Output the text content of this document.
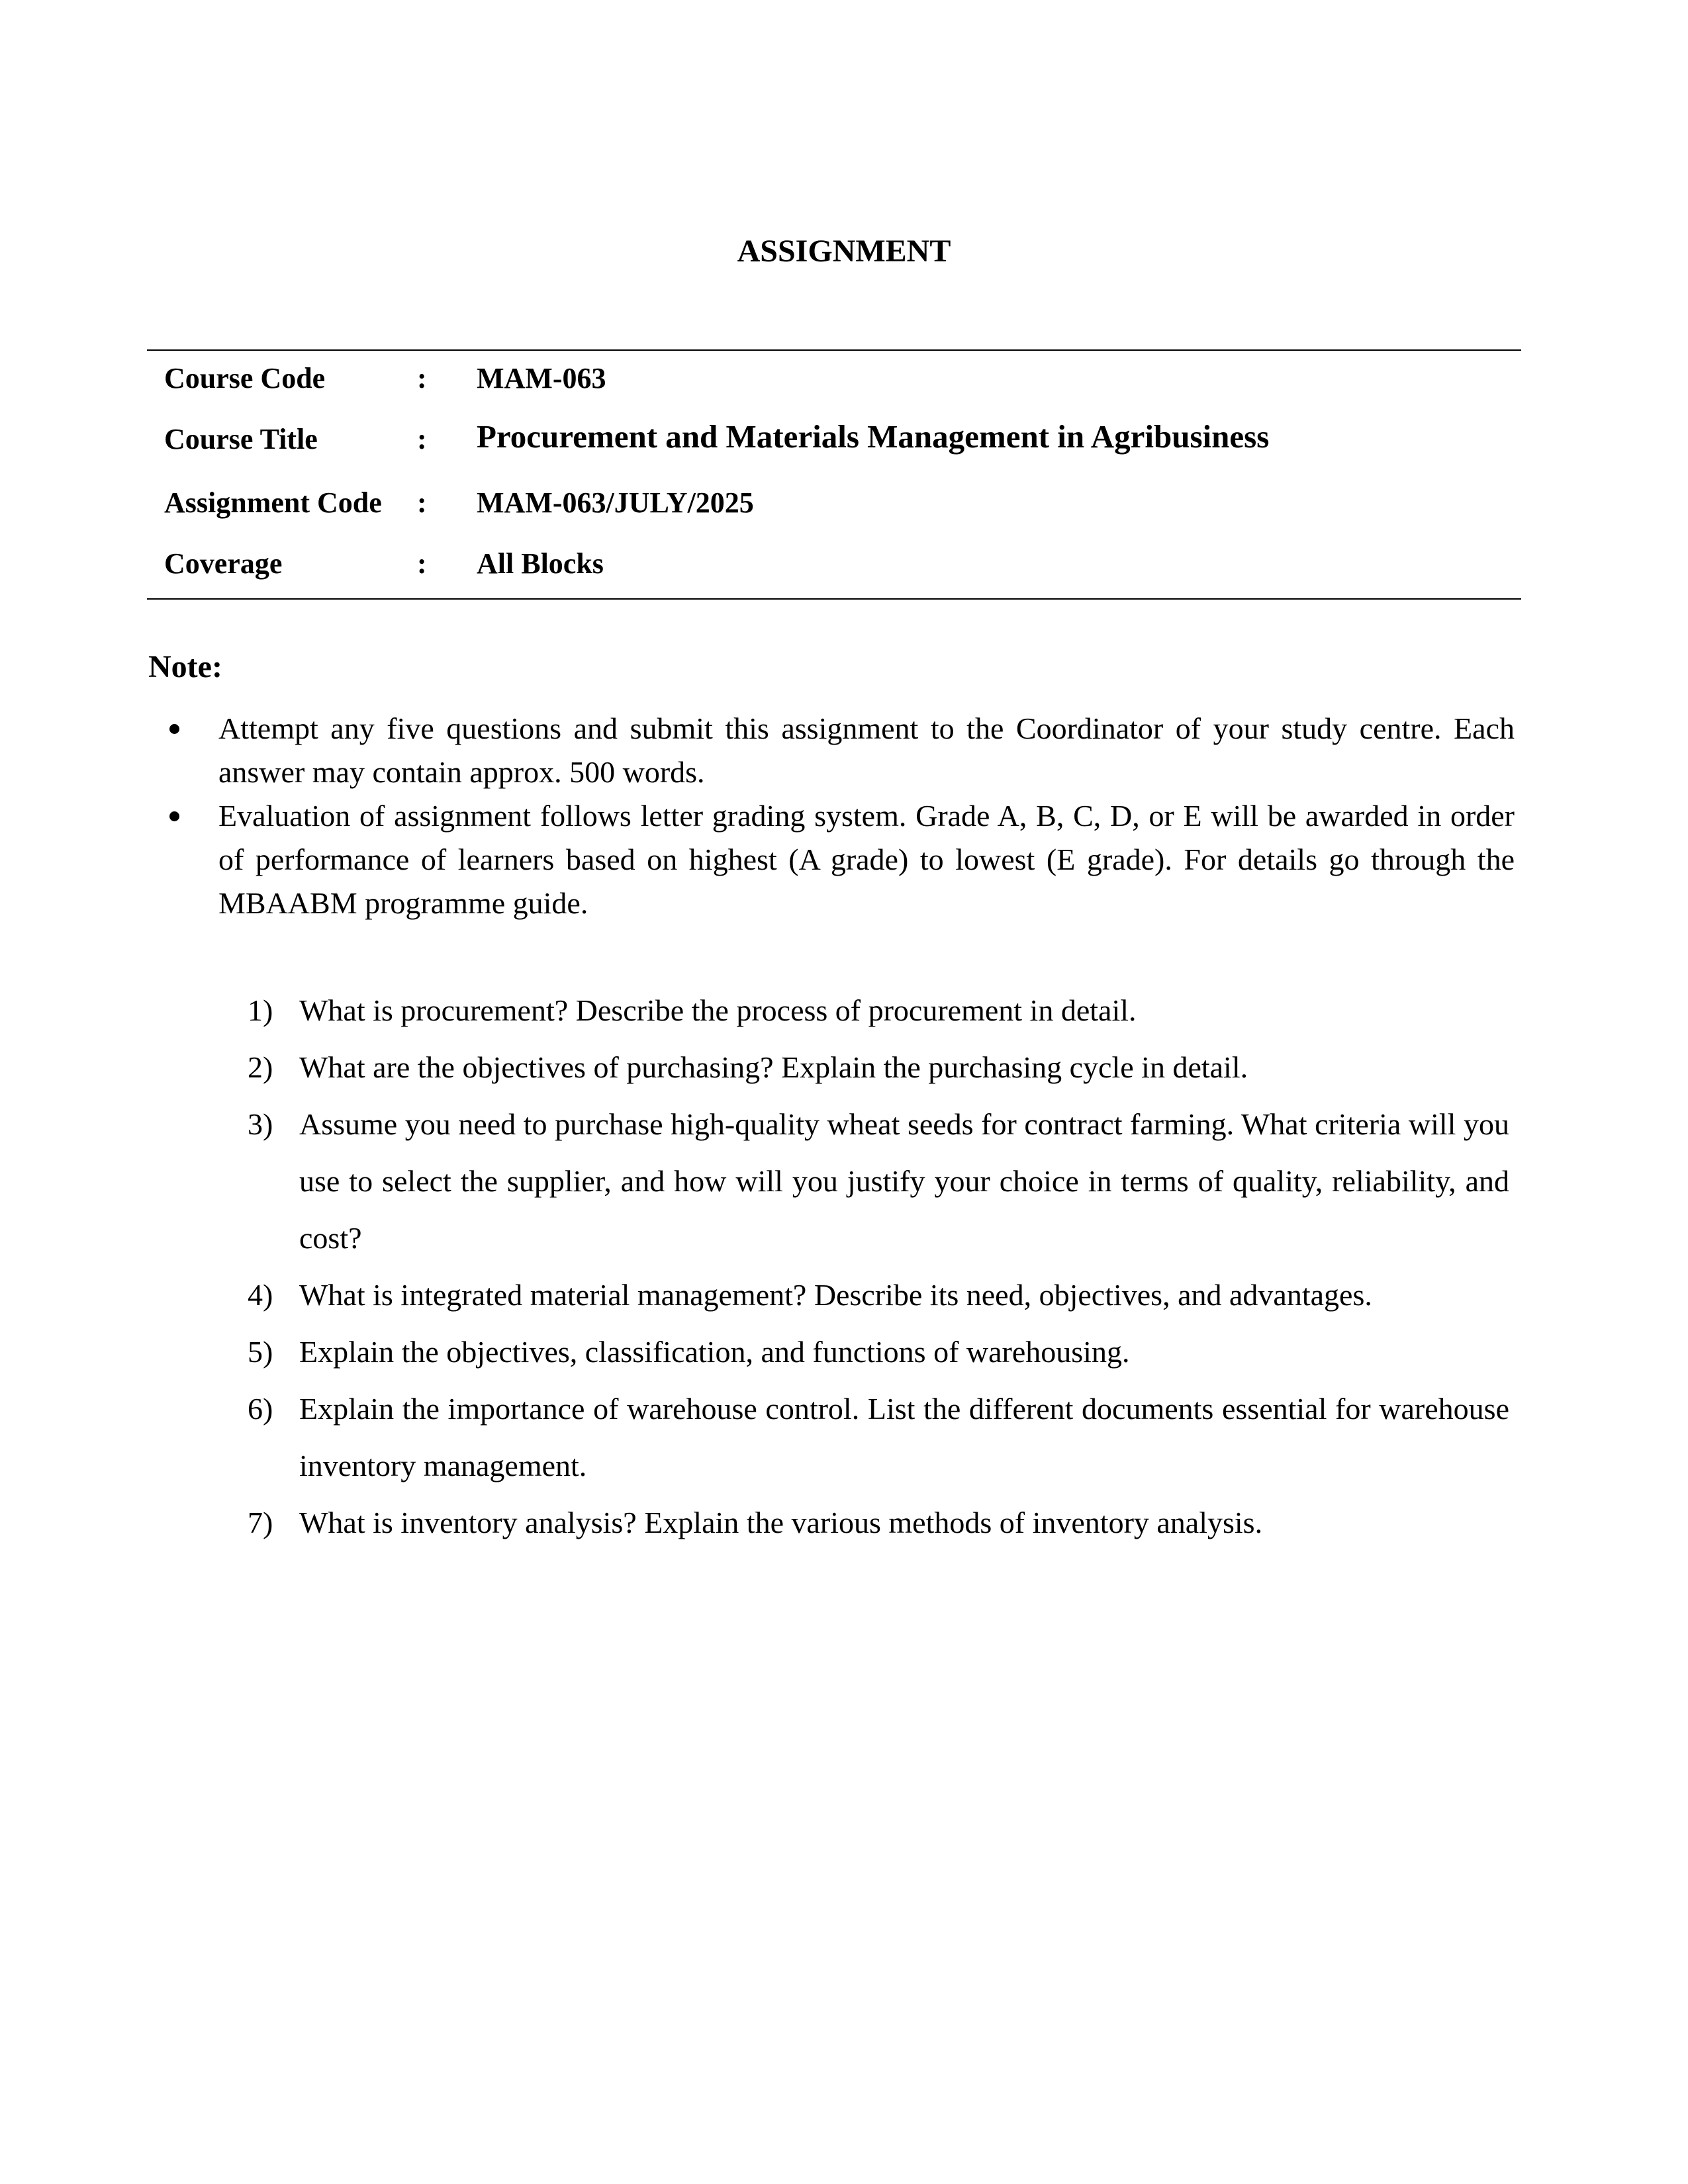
ASSIGNMENT
Course Code	: MAM-063
Course Title	: Procurement and Materials Management in Agribusiness
Assignment Code : MAM-063/JULY/2025
Coverage	: All Blocks
Note:
Attempt any five questions and submit this assignment to the Coordinator of your study centre. Each answer may contain approx. 500 words.
Evaluation of assignment follows letter grading system. Grade A, B, C, D, or E will be awarded in order of performance of learners based on highest (A grade) to lowest (E grade). For details go through the MBAABM programme guide.
1) What is procurement? Describe the process of procurement in detail.
2) What are the objectives of purchasing? Explain the purchasing cycle in detail.
3) Assume you need to purchase high-quality wheat seeds for contract farming. What criteria will you use to select the supplier, and how will you justify your choice in terms of quality, reliability, and cost?
4) What is integrated material management? Describe its need, objectives, and advantages.
5) Explain the objectives, classification, and functions of warehousing.
6) Explain the importance of warehouse control. List the different documents essential for warehouse inventory management.
7) What is inventory analysis? Explain the various methods of inventory analysis.
